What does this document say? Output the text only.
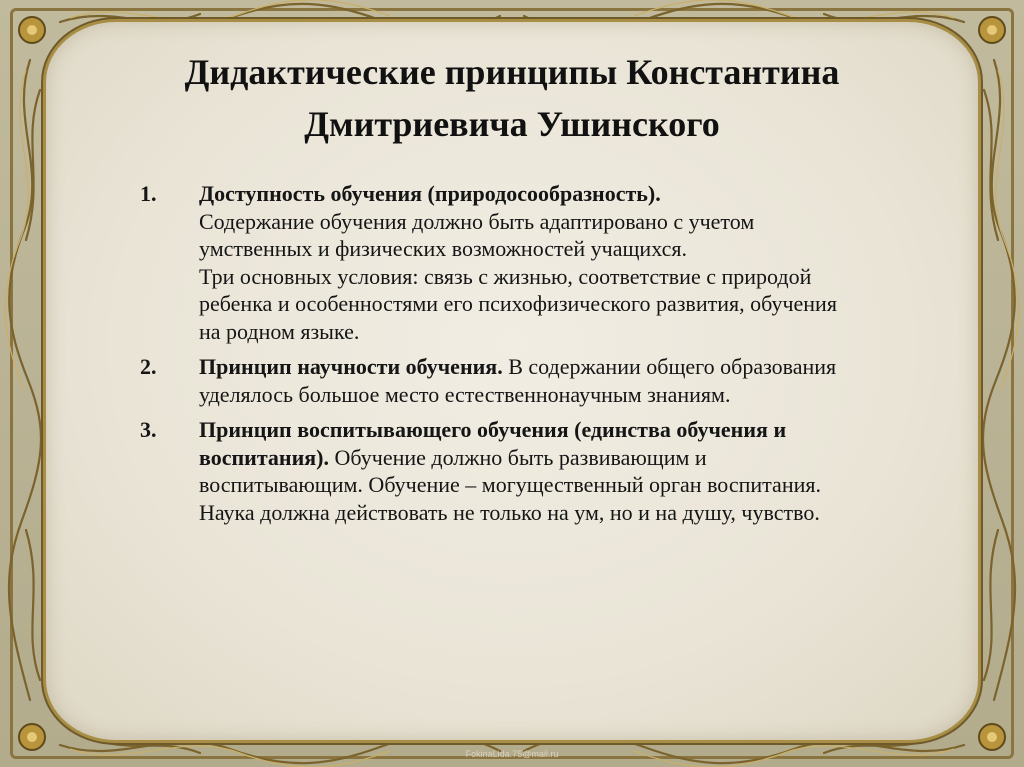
Дидактические принципы Константина
Дмитриевича Ушинского
1. Доступность обучения (природосообразность).
Содержание обучения должно быть адаптировано с учетом умственных и физических возможностей учащихся.
Три основных условия: связь с жизнью, соответствие с природой ребенка и особенностями его психофизического развития, обучения на родном языке.
2. Принцип научности обучения. В содержании общего образования уделялось большое место естественнонаучным знаниям.
3. Принцип воспитывающего обучения (единства обучения и воспитания). Обучение должно быть развивающим и воспитывающим. Обучение – могущественный орган воспитания. Наука должна действовать не только на ум, но и на душу, чувство.
FokinaLida.75@mail.ru
